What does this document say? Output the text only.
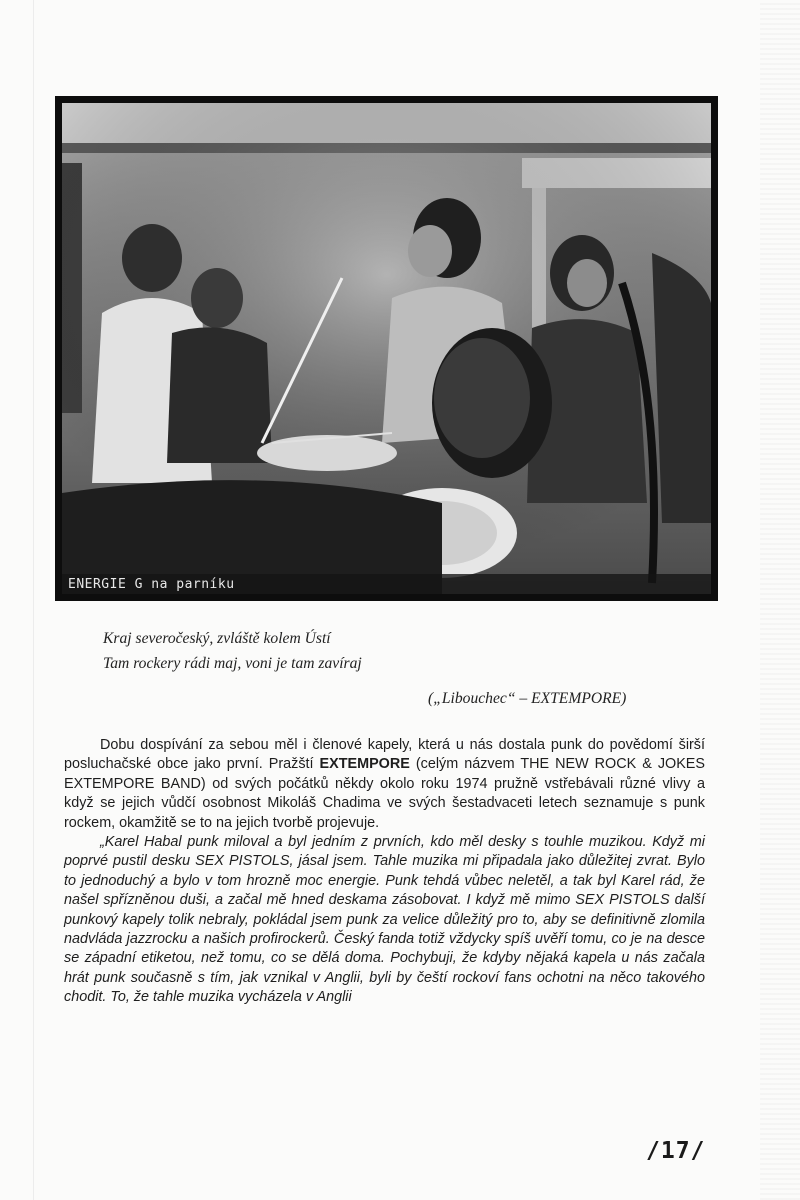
ENERGIE G na parníku
Kraj severočeský, zvláště kolem Ústí
Tam rockery rádi maj, voni je tam zavíraj
(„Libouchec“ – EXTEMPORE)

Dobu dospívání za sebou měl i členové kapely, která u nás dostala punk do povědomí širší posluchačské obce jako první. Pražští EXTEMPORE (celým názvem THE NEW ROCK & JOKES EXTEMPORE BAND) od svých počátků někdy okolo roku 1974 pružně vstřebávali různé vlivy a když se jejich vůdčí osobnost Mikoláš Chadima ve svých šestadvaceti letech seznamuje s punk rockem, okamžitě se to na jejich tvorbě projevuje.

„Karel Habal punk miloval a byl jedním z prvních, kdo měl desky s touhle muzikou. Když mi poprvé pustil desku SEX PISTOLS, jásal jsem. Tahle muzika mi připadala jako důležitej zvrat. Bylo to jednoduchý a bylo v tom hrozně moc energie. Punk tehdá vůbec neletěl, a tak byl Karel rád, že našel spřízněnou duši, a začal mě hned deskama zásobovat. I když mě mimo SEX PISTOLS další punkový kapely tolik nebraly, pokládal jsem punk za velice důležitý pro to, aby se definitivně zlomila nadvláda jazzrocku a našich profirockerů. Český fanda totiž vždycky spíš uvěří tomu, co je na desce se západní etiketou, než tomu, co se dělá doma. Pochybuji, že kdyby nějaká kapela u nás začala hrát punk současně s tím, jak vznikal v Anglii, byli by čeští rockoví fans ochotni na něco takového chodit. To, že tahle muzika vycházela v Anglii

/17/
